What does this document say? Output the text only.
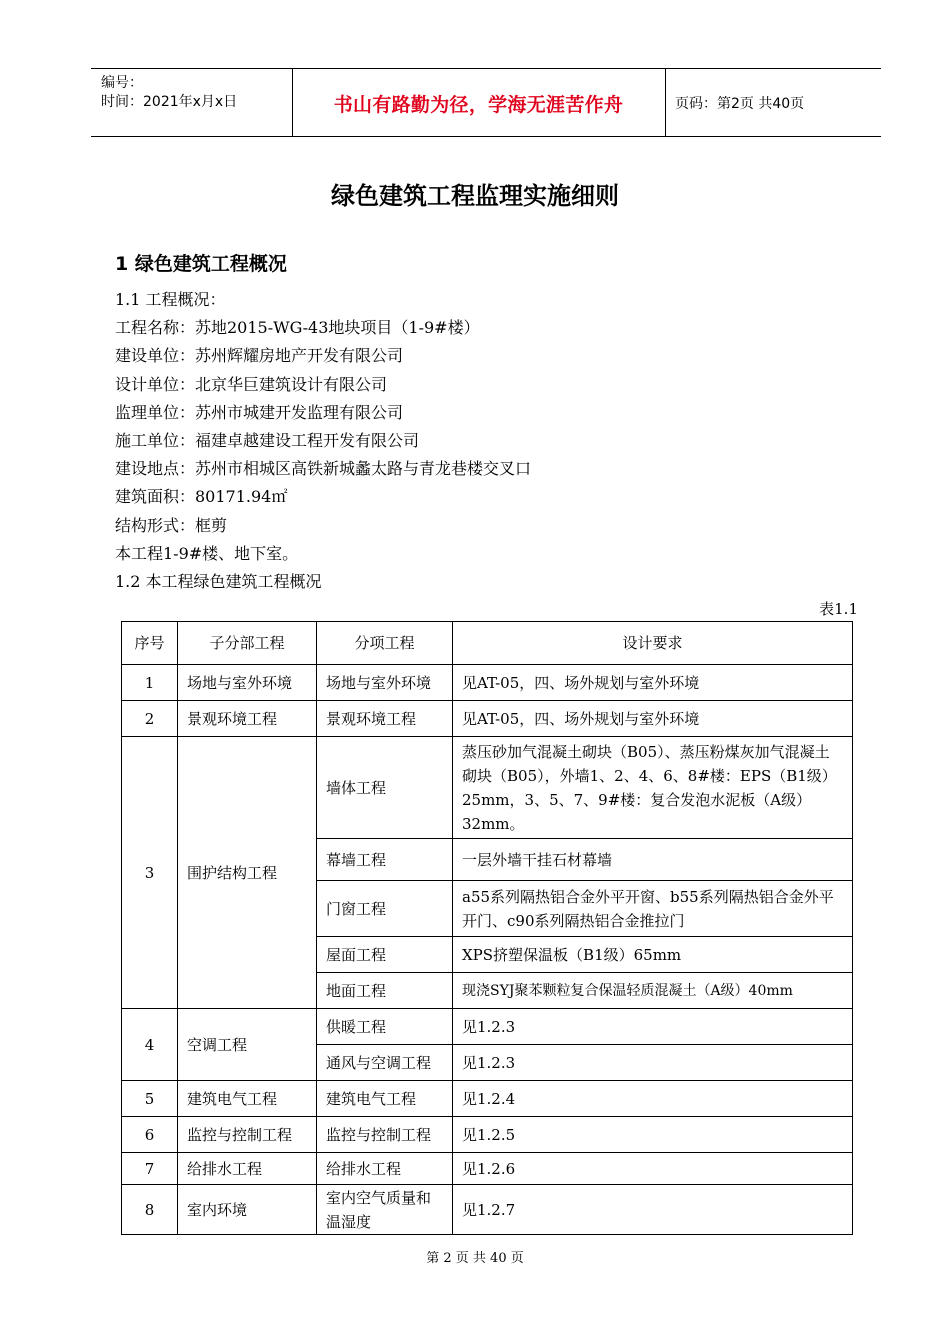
编号：
时间：2021年x月x日	书山有路勤为径，学海无涯苦作舟	页码：第2页 共40页
绿色建筑工程监理实施细则
1 绿色建筑工程概况
1.1 工程概况：
工程名称：苏地2015-WG-43地块项目（1-9#楼）
建设单位：苏州辉耀房地产开发有限公司
设计单位：北京华巨建筑设计有限公司
监理单位：苏州市城建开发监理有限公司
施工单位：福建卓越建设工程开发有限公司
建设地点：苏州市相城区高铁新城蠡太路与青龙巷楼交叉口
建筑面积：80171.94㎡
结构形式：框剪
本工程1-9#楼、地下室。
1.2 本工程绿色建筑工程概况
表1.1
序号	子分部工程	分项工程	设计要求
1	场地与室外环境	场地与室外环境	见AT-05，四、场外规划与室外环境
2	景观环境工程	景观环境工程	见AT-05，四、场外规划与室外环境
3	围护结构工程	墙体工程	蒸压砂加气混凝土砌块（B05）、蒸压粉煤灰加气混凝土砌块（B05），外墙1、2、4、6、8#楼：EPS（B1级）25mm，3、5、7、9#楼：复合发泡水泥板（A级）32mm。
		幕墙工程	一层外墙干挂石材幕墙
		门窗工程	a55系列隔热铝合金外平开窗、b55系列隔热铝合金外平开门、c90系列隔热铝合金推拉门
		屋面工程	XPS挤塑保温板（B1级）65mm
		地面工程	现浇SYJ聚苯颗粒复合保温轻质混凝土（A级）40mm
4	空调工程	供暖工程	见1.2.3
		通风与空调工程	见1.2.3
5	建筑电气工程	建筑电气工程	见1.2.4
6	监控与控制工程	监控与控制工程	见1.2.5
7	给排水工程	给排水工程	见1.2.6
8	室内环境	室内空气质量和温湿度	见1.2.7
第 2 页 共 40 页
